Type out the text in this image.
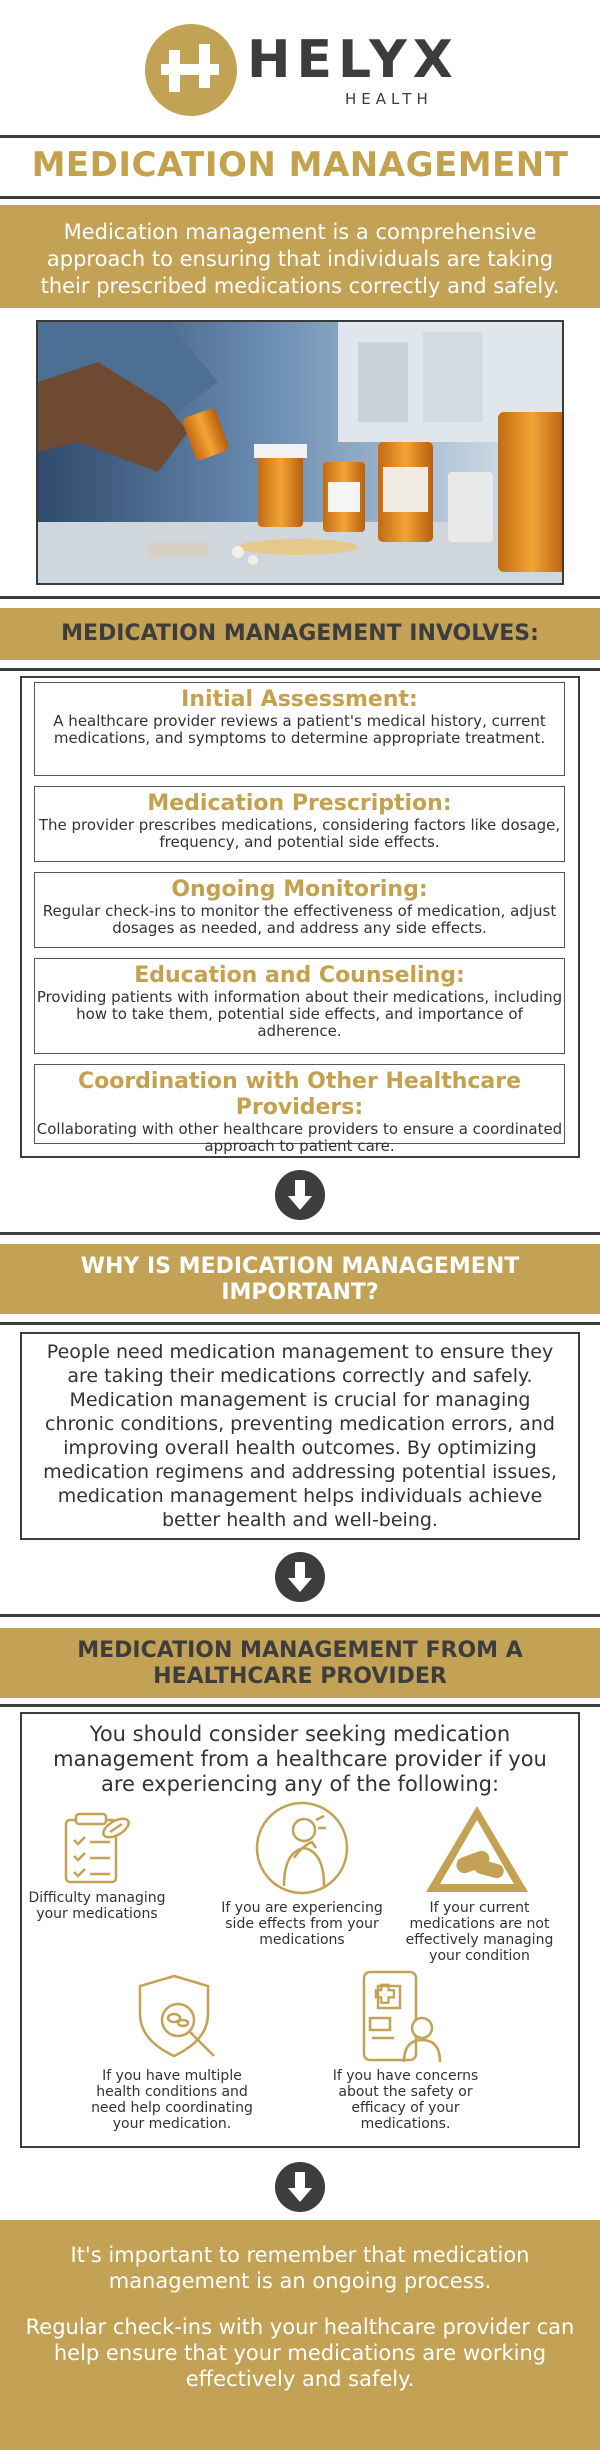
HELYX
HEALTH
MEDICATION MANAGEMENT
Medication management is a comprehensive approach to ensuring that individuals are taking their prescribed medications correctly and safely.
MEDICATION MANAGEMENT INVOLVES:
Initial Assessment:

A healthcare provider reviews a patient's medical history, current medications, and symptoms to determine appropriate treatment.

Medication Prescription:

The provider prescribes medications, considering factors like dosage, frequency, and potential side effects.

Ongoing Monitoring:

Regular check-ins to monitor the effectiveness of medication, adjust dosages as needed, and address any side effects.

Education and Counseling:

Providing patients with information about their medications, including how to take them, potential side effects, and importance of adherence.

Coordination with Other Healthcare Providers:

Collaborating with other healthcare providers to ensure a coordinated approach to patient care.

WHY IS MEDICATION MANAGEMENT IMPORTANT?

People need medication management to ensure they are taking their medications correctly and safely. Medication management is crucial for managing chronic conditions, preventing medication errors, and improving overall health outcomes. By optimizing medication regimens and addressing potential issues, medication management helps individuals achieve better health and well-being.

MEDICATION MANAGEMENT FROM A HEALTHCARE PROVIDER

You should consider seeking medication management from a healthcare provider if you are experiencing any of the following:

Difficulty managing your medications	If you are experiencing side effects from your medications
If your current medications are not effectively managing your condition
If you have multiple health conditions and need help coordinating your medication.
If you have concerns about the safety or efficacy of your medications.

It's important to remember that medication management is an ongoing process.

Regular check-ins with your healthcare provider can help ensure that your medications are working effectively and safely.
